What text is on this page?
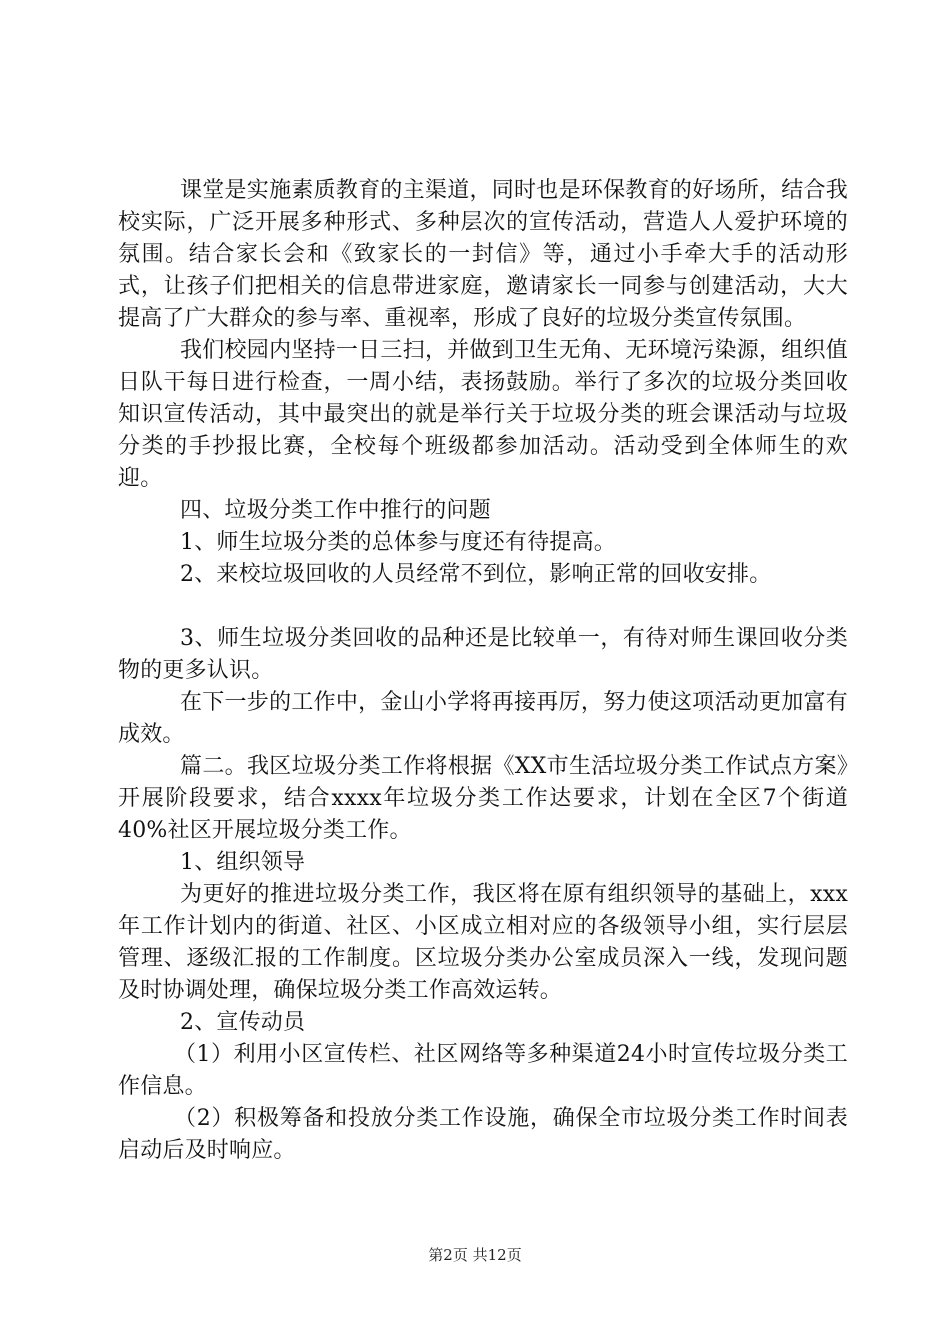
课堂是实施素质教育的主渠道，同时也是环保教育的好场所，结合我校实际，广泛开展多种形式、多种层次的宣传活动，营造人人爱护环境的氛围。结合家长会和《致家长的一封信》等，通过小手牵大手的活动形式，让孩子们把相关的信息带进家庭，邀请家长一同参与创建活动，大大提高了广大群众的参与率、重视率，形成了良好的垃圾分类宣传氛围。

我们校园内坚持一日三扫，并做到卫生无角、无环境污染源，组织值日队干每日进行检查，一周小结，表扬鼓励。举行了多次的垃圾分类回收知识宣传活动，其中最突出的就是举行关于垃圾分类的班会课活动与垃圾分类的手抄报比赛，全校每个班级都参加活动。活动受到全体师生的欢迎。

四、垃圾分类工作中推行的问题

1、师生垃圾分类的总体参与度还有待提高。

2、来校垃圾回收的人员经常不到位，影响正常的回收安排。

3、师生垃圾分类回收的品种还是比较单一，有待对师生课回收分类物的更多认识。

在下一步的工作中，金山小学将再接再厉，努力使这项活动更加富有成效。

篇二。我区垃圾分类工作将根据《XX市生活垃圾分类工作试点方案》开展阶段要求，结合xxxx年垃圾分类工作达要求，计划在全区7个街道40%社区开展垃圾分类工作。

1、组织领导

为更好的推进垃圾分类工作，我区将在原有组织领导的基础上，xxx年工作计划内的街道、社区、小区成立相对应的各级领导小组，实行层层管理、逐级汇报的工作制度。区垃圾分类办公室成员深入一线，发现问题及时协调处理，确保垃圾分类工作高效运转。

2、宣传动员

（1）利用小区宣传栏、社区网络等多种渠道24小时宣传垃圾分类工作信息。

（2）积极筹备和投放分类工作设施，确保全市垃圾分类工作时间表启动后及时响应。

第2页 共12页
